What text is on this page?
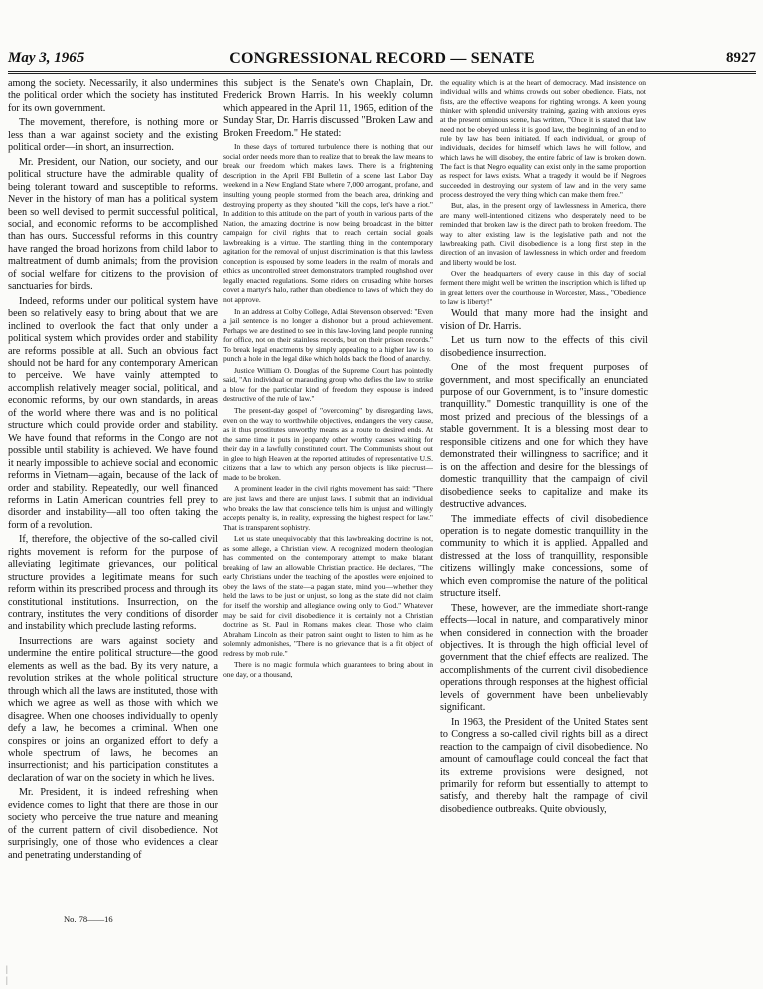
May 3, 1965	CONGRESSIONAL RECORD — SENATE	8927

among the society. Necessarily, it also undermines the political order which the society has instituted for its own government.

The movement, therefore, is nothing more or less than a war against society and the existing political order—in short, an insurrection.

Mr. President, our Nation, our society, and our political structure have the admirable quality of being tolerant toward and susceptible to reforms. Never in the history of man has a political system been so well devised to permit successful political, social, and economic reforms to be accomplished than has ours. Successful reforms in this country have ranged the broad horizons from child labor to maltreatment of dumb animals; from the provision of social welfare for citizens to the provision of sanctuaries for birds.

Indeed, reforms under our political system have been so relatively easy to bring about that we are inclined to overlook the fact that only under a political system which provides order and stability are reforms possible at all. Such an obvious fact should not be hard for any contemporary American to perceive. We have vainly attempted to accomplish relatively meager social, political, and economic reforms, by our own standards, in areas of the world where there was and is no political structure which could provide order and stability. We have found that reforms in the Congo are not possible until stability is achieved. We have found it nearly impossible to achieve social and economic reforms in Vietnam—again, because of the lack of order and stability. Repeatedly, our well financed reforms in Latin American countries fell prey to disorder and instability—all too often taking the form of a revolution.

If, therefore, the objective of the so-called civil rights movement is reform for the purpose of alleviating legitimate grievances, our political structure provides a legitimate means for such reform within its prescribed process and through its constitutional institutions. Insurrection, on the contrary, institutes the very conditions of disorder and instability which preclude lasting reforms.

Insurrections are wars against society and undermine the entire political structure—the good elements as well as the bad. By its very nature, a revolution strikes at the whole political structure through which all the laws are instituted, those with which we agree as well as those with which we disagree. When one chooses individually to openly defy a law, he becomes a criminal. When one conspires or joins an organized effort to defy a whole spectrum of laws, he becomes an insurrectionist; and his participation constitutes a declaration of war on the society in which he lives.

Mr. President, it is indeed refreshing when evidence comes to light that there are those in our society who perceive the true nature and meaning of the current pattern of civil disobedience. Not surprisingly, one of those who evidences a clear and penetrating understanding of

this subject is the Senate's own Chaplain, Dr. Frederick Brown Harris. In his weekly column which appeared in the April 11, 1965, edition of the Sunday Star, Dr. Harris discussed "Broken Law and Broken Freedom." He stated:

In these days of tortured turbulence there is nothing that our social order needs more than to realize that to break the law means to break our freedom which makes laws. There is a frightening description in the April FBI Bulletin of a scene last Labor Day weekend in a New England State where 7,000 arrogant, profane, and insulting young people stormed from the beach area, drinking and destroying property as they shouted "kill the cops, let's have a riot." In addition to this attitude on the part of youth in various parts of the Nation, the amazing doctrine is now being broadcast in the bitter campaign for civil rights that to reach certain social goals lawbreaking is a virtue. The startling thing in the contemporary agitation for the removal of unjust discrimination is that this lawless conception is espoused by some leaders in the realm of morals and ethics as uncontrolled street demonstrators trampled roughshod over legally enacted regulations. Some riders on crusading white horses covet a martyr's halo, rather than obedience to laws of which they do not approve.

In an address at Colby College, Adlai Stevenson observed: "Even a jail sentence is no longer a dishonor but a proud achievement. Perhaps we are destined to see in this law-loving land people running for office, not on their stainless records, but on their prison records." To break legal enactments by simply appealing to a higher law is to punch a hole in the legal dike which holds back the flood of anarchy.

Justice William O. Douglas of the Supreme Court has pointedly said, "An individual or marauding group who defies the law to strike a blow for the particular kind of freedom they espouse is indeed destructive of the rule of law."

The present-day gospel of "overcoming" by disregarding laws, even on the way to worthwhile objectives, endangers the very cause, as it thus prostitutes unworthy means as a route to desired ends. At the same time it puts in jeopardy other worthy causes waiting for their day in a lawfully constituted court. The Communists shout out in glee to high Heaven at the reported attitudes of representative U.S. citizens that a law to which any person objects is like piecrust—made to be broken.

A prominent leader in the civil rights movement has said: "There are just laws and there are unjust laws. I submit that an individual who breaks the law that conscience tells him is unjust and willingly accepts penalty is, in reality, expressing the highest respect for law." That is transparent sophistry.

Let us state unequivocably that this lawbreaking doctrine is not, as some allege, a Christian view. A recognized modern theologian has commented on the contemporary attempt to make blatant breaking of law an allowable Christian practice. He declares, "The early Christians under the teaching of the apostles were enjoined to obey the laws of the state—a pagan state, mind you—whether they held the laws to be just or unjust, so long as the state did not claim for itself the worship and allegiance owing only to God." Whatever may be said for civil disobedience it is certainly not a Christian doctrine as St. Paul in Romans makes clear. Those who claim Abraham Lincoln as their patron saint ought to listen to him as he solemnly admonishes, "There is no grievance that is a fit object of redress by mob rule."

There is no magic formula which guarantees to bring about in one day, or a thousand,

the equality which is at the heart of democracy. Mad insistence on individual wills and whims crowds out sober obedience. Fiats, not fists, are the effective weapons for righting wrongs. A keen young thinker with splendid university training, gazing with anxious eyes at the present ominous scene, has written, "Once it is stated that law need not be obeyed unless it is good law, the beginning of an end to rule by law has been initiated. If each individual, or group of individuals, decides for himself which laws he will follow, and which laws he will disobey, the entire fabric of law is broken down. The fact is that Negro equality can exist only in the same proportion as respect for laws exists. What a tragedy it would be if Negroes succeeded in destroying our system of law and in the very same process destroyed the very thing which can make them free."

But, alas, in the present orgy of lawlessness in America, there are many well-intentioned citizens who desperately need to be reminded that broken law is the direct path to broken freedom. The way to alter existing law is the legislative path and not the lawbreaking path. Civil disobedience is a long first step in the direction of an invasion of lawlessness in which order and freedom and liberty would be lost.

Over the headquarters of every cause in this day of social ferment there might well be written the inscription which is lifted up in great letters over the courthouse in Worcester, Mass., "Obedience to law is liberty!"

Would that many more had the insight and vision of Dr. Harris.

Let us turn now to the effects of this civil disobedience insurrection.

One of the most frequent purposes of government, and most specifically an enunciated purpose of our Government, is to "insure domestic tranquillity." Domestic tranquillity is one of the most prized and precious of the blessings of a stable government. It is a blessing most dear to responsible citizens and one for which they have demonstrated their willingness to sacrifice; and it is on the affection and desire for the blessings of domestic tranquillity that the campaign of civil disobedience seeks to capitalize and make its destructive advances.

The immediate effects of civil disobedience operation is to negate domestic tranquillity in the community to which it is applied. Appalled and distressed at the loss of tranquillity, responsible citizens willingly make concessions, some of which even compromise the nature of the political structure itself.

These, however, are the immediate short-range effects—local in nature, and comparatively minor when considered in connection with the broader objectives. It is through the high official level of government that the chief effects are realized. The accomplishments of the current civil disobedience operations through responses at the highest official levels of government have been unbelievably significant.

In 1963, the President of the United States sent to Congress a so-called civil rights bill as a direct reaction to the campaign of civil disobedience. No amount of camouflage could conceal the fact that its extreme provisions were designed, not primarily for reform but essentially to attempt to satisfy, and thereby halt the rampage of civil disobedience outbreaks. Quite obviously,

No. 78——16
|
|
